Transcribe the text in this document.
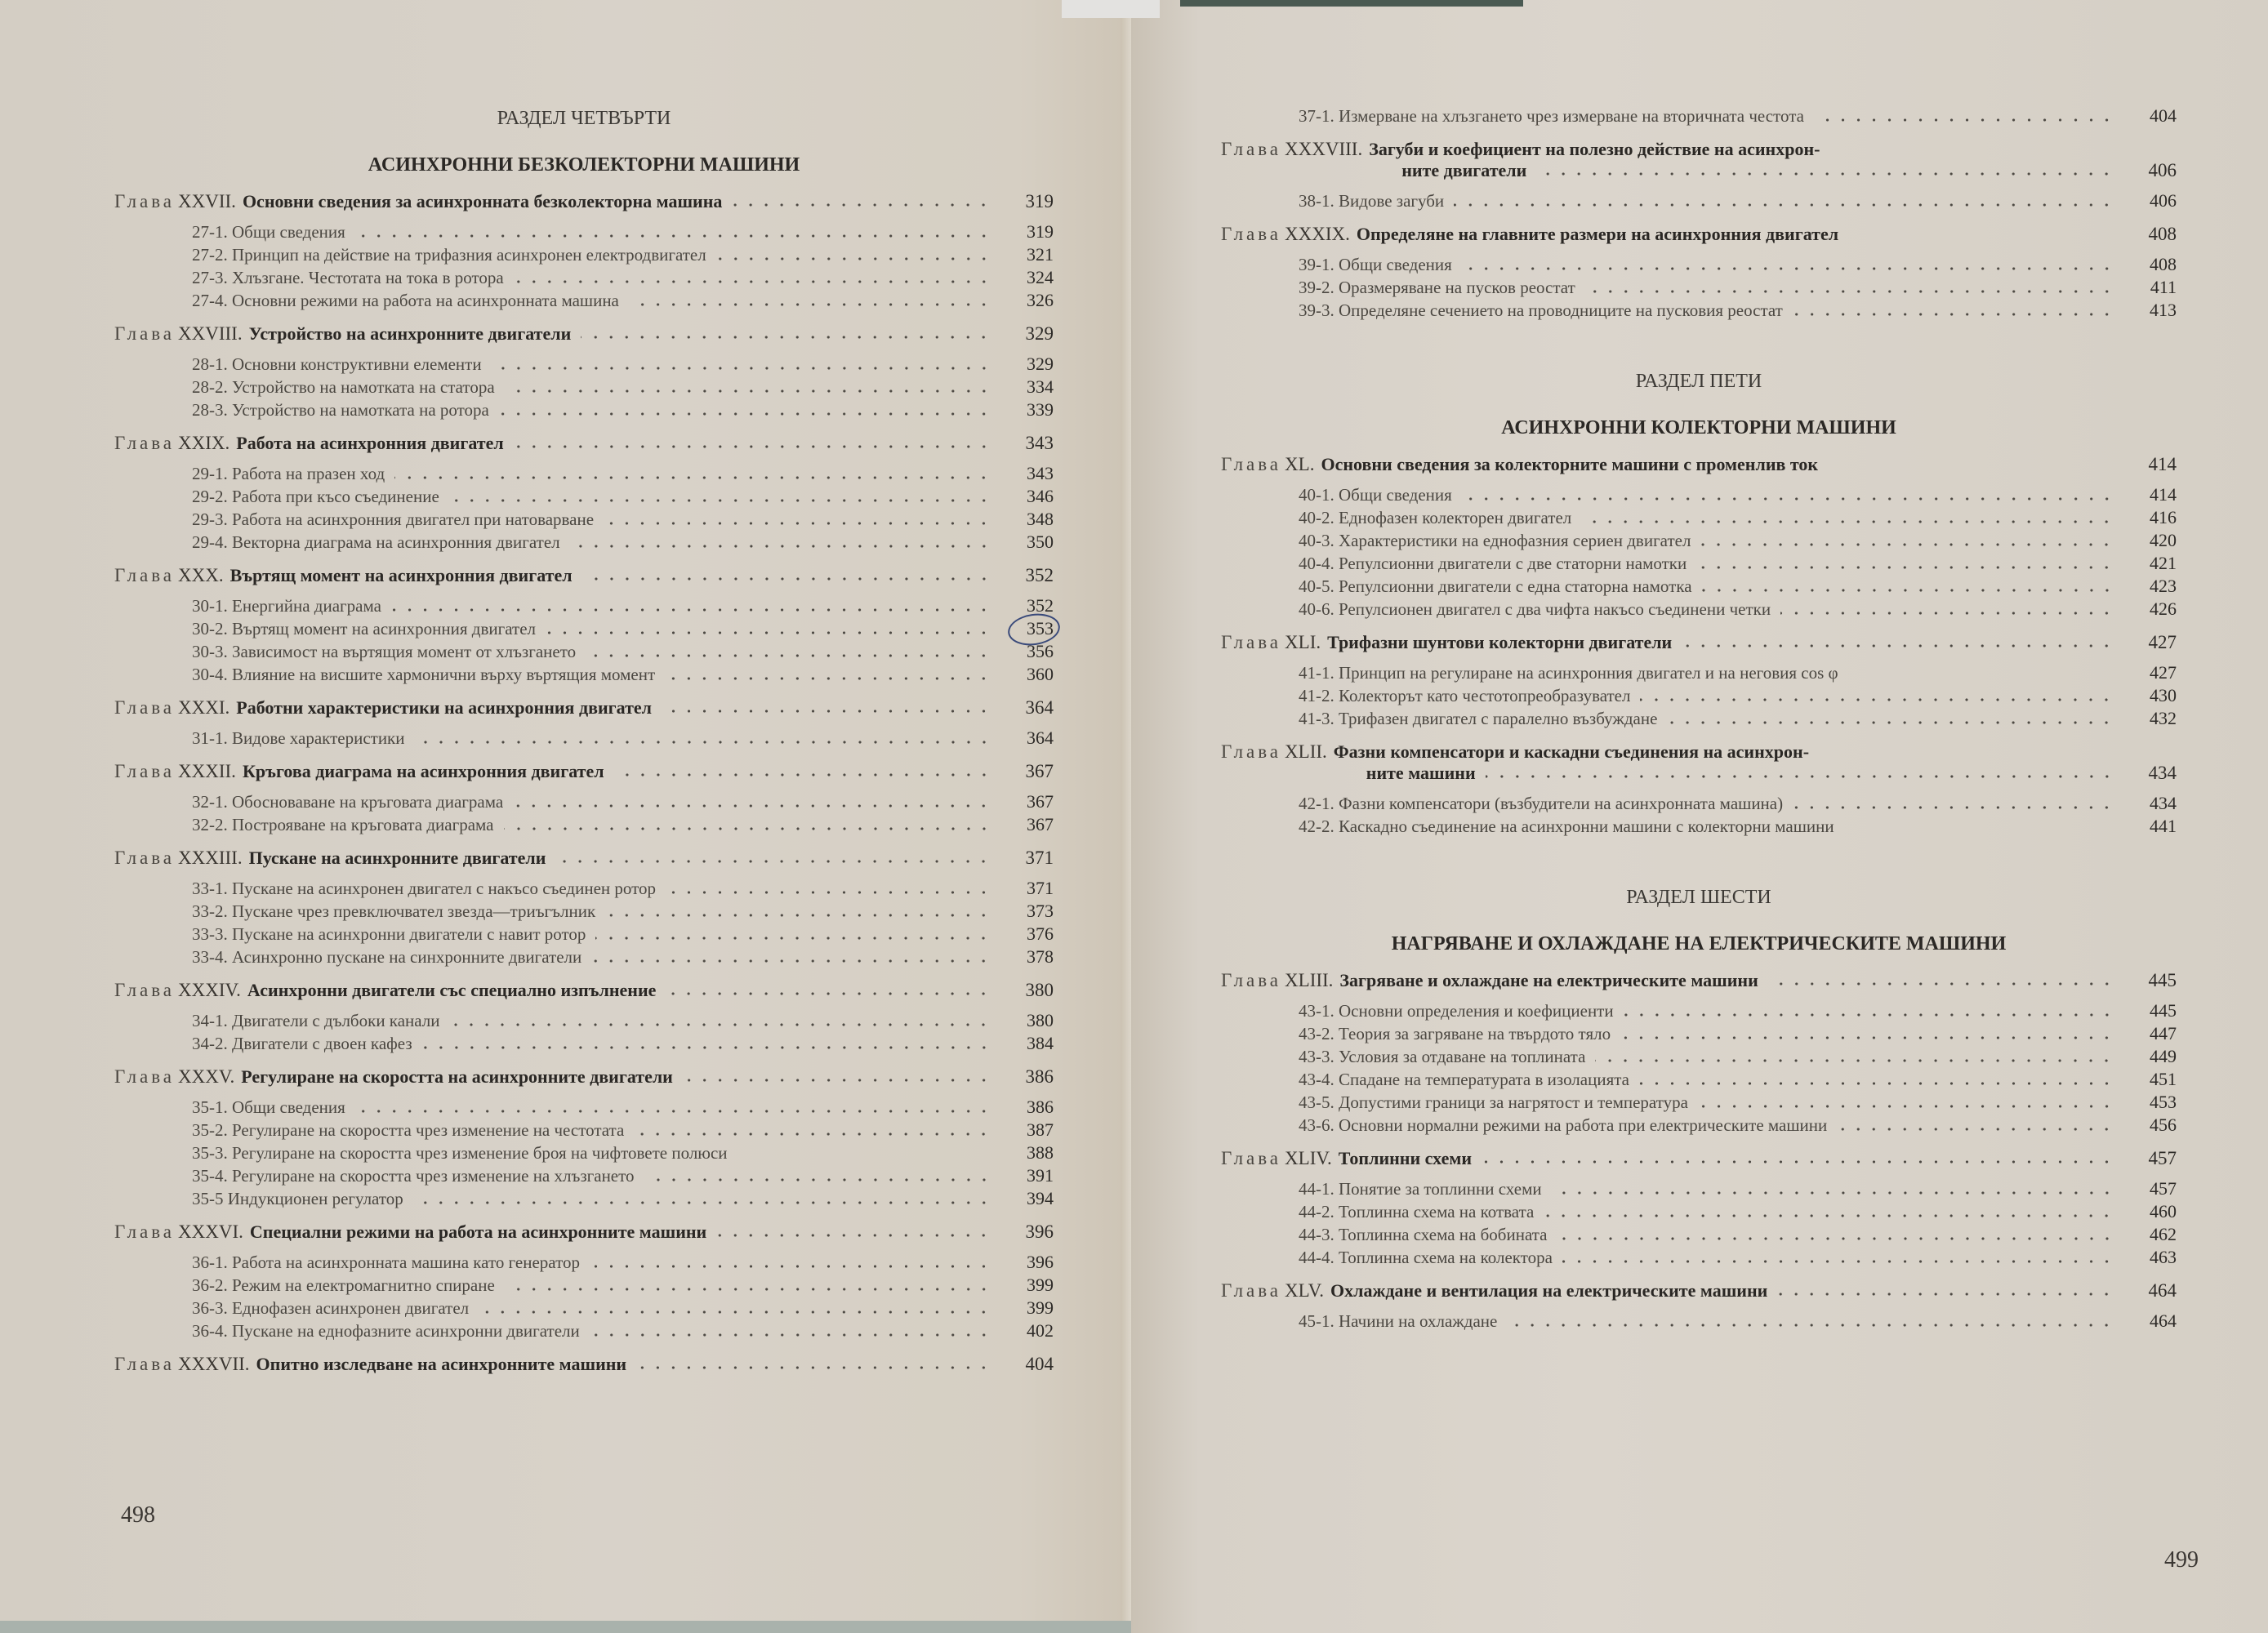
РАЗДЕЛ ЧЕТВЪРТИ
АСИНХРОННИ БЕЗКОЛЕКТОРНИ МАШИНИ
Глава XXVII. Основни сведения за асинхронната безколекторна машина	319
27-1. Общи сведения	319
27-2. Принцип на действие на трифазния асинхронен електродвигател	321
27-3. Хлъзгане. Честотата на тока в ротора	324
27-4. Основни режими на работа на асинхронната машина	326
Глава XXVIII. Устройство на асинхронните двигатели	329
28-1. Основни конструктивни елементи	329
28-2. Устройство на намотката на статора	334
28-3. Устройство на намотката на ротора	339
Глава XXIX. Работа на асинхронния двигател	343
29-1. Работа на празен ход	343
29-2. Работа при късо съединение	346
29-3. Работа на асинхронния двигател при натоварване	348
29-4. Векторна диаграма на асинхронния двигател	350
Глава XXX. Въртящ момент на асинхронния двигател	352
30-1. Енергийна диаграма	352
30-2. Въртящ момент на асинхронния двигател	353
30-3. Зависимост на въртящия момент от хлъзгането	356
30-4. Влияние на висшите хармонични върху въртящия момент	360
Глава XXXI. Работни характеристики на асинхронния двигател	364
31-1. Видове характеристики	364
Глава XXXII. Кръгова диаграма на асинхронния двигател	367
32-1. Обосноваване на кръговата диаграма	367
32-2. Построяване на кръговата диаграма	367
Глава XXXIII. Пускане на асинхронните двигатели	371
33-1. Пускане на асинхронен двигател с накъсо съединен ротор	371
33-2. Пускане чрез превключвател звезда—триъгълник	373
33-3. Пускане на асинхронни двигатели с навит ротор	376
33-4. Асинхронно пускане на синхронните двигатели	378
Глава XXXIV. Асинхронни двигатели със специално изпълнение	380
34-1. Двигатели с дълбоки канали	380
34-2. Двигатели с двоен кафез	384
Глава XXXV. Регулиране на скоростта на асинхронните двигатели	386
35-1. Общи сведения	386
35-2. Регулиране на скоростта чрез изменение на честотата	387
35-3. Регулиране на скоростта чрез изменение броя на чифтовете полюси	388
35-4. Регулиране на скоростта чрез изменение на хлъзгането	391
35-5 Индукционен регулатор	394
Глава XXXVI. Специални режими на работа на асинхронните машини	396
36-1. Работа на асинхронната машина като генератор	396
36-2. Режим на електромагнитно спиране	399
36-3. Еднофазен асинхронен двигател	399
36-4. Пускане на еднофазните асинхронни двигатели	402
Глава XXXVII. Опитно изследване на асинхронните машини	404
498
37-1. Измерване на хлъзгането чрез измерване на вторичната честота	404
Глава XXXVIII. Загуби и коефициент на полезно действие на асинхрон-
ните двигатели	406
38-1. Видове загуби	406
Глава XXXIX. Определяне на главните размери на асинхронния двигател	408
39-1. Общи сведения	408
39-2. Оразмеряване на пусков реостат	411
39-3. Определяне сечението на проводниците на пусковия реостат	413
РАЗДЕЛ ПЕТИ
АСИНХРОННИ КОЛЕКТОРНИ МАШИНИ
Глава XL. Основни сведения за колекторните машини с променлив ток	414
40-1. Общи сведения	414
40-2. Еднофазен колекторен двигател	416
40-3. Характеристики на еднофазния сериен двигател	420
40-4. Репулсионни двигатели с две статорни намотки	421
40-5. Репулсионни двигатели с една статорна намотка	423
40-6. Репулсионен двигател с два чифта накъсо съединени четки	426
Глава XLI. Трифазни шунтови колекторни двигатели	427
41-1. Принцип на регулиране на асинхронния двигател и на неговия cos φ	427
41-2. Колекторът като честотопреобразувател	430
41-3. Трифазен двигател с паралелно възбуждане	432
Глава XLII. Фазни компенсатори и каскадни съединения на асинхрон-
ните машини	434
42-1. Фазни компенсатори (възбудители на асинхронната машина)	434
42-2. Каскадно съединение на асинхронни машини с колекторни машини	441
РАЗДЕЛ ШЕСТИ
НАГРЯВАНЕ И ОХЛАЖДАНЕ НА ЕЛЕКТРИЧЕСКИТЕ МАШИНИ
Глава XLIII. Загряване и охлаждане на електрическите машини	445
43-1. Основни определения и коефициенти	445
43-2. Теория за загряване на твърдото тяло	447
43-3. Условия за отдаване на топлината	449
43-4. Спадане на температурата в изолацията	451
43-5. Допустими граници за нагрятост и температура	453
43-6. Основни нормални режими на работа при електрическите машини	456
Глава XLIV. Топлинни схеми	457
44-1. Понятие за топлинни схеми	457
44-2. Топлинна схема на котвата	460
44-3. Топлинна схема на бобината	462
44-4. Топлинна схема на колектора	463
Глава XLV. Охлаждане и вентилация на електрическите машини	464
45-1. Начини на охлаждане	464
499
